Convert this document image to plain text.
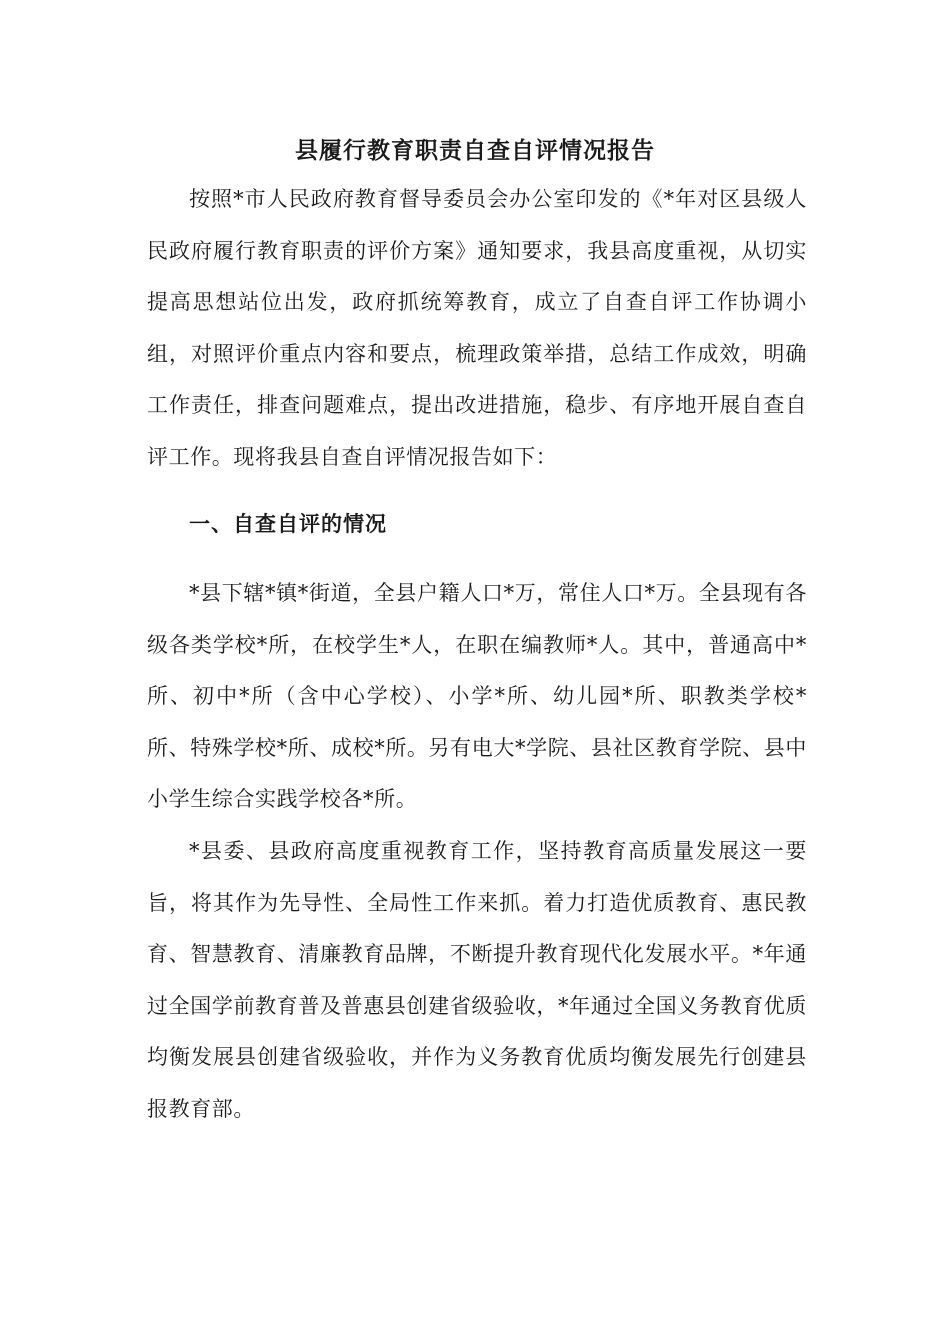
县履行教育职责自查自评情况报告

按照*市人民政府教育督导委员会办公室印发的《*年对区县级人民政府履行教育职责的评价方案》通知要求，我县高度重视，从切实提高思想站位出发，政府抓统筹教育，成立了自查自评工作协调小组，对照评价重点内容和要点，梳理政策举措，总结工作成效，明确工作责任，排查问题难点，提出改进措施，稳步、有序地开展自查自评工作。现将我县自查自评情况报告如下：

一、自查自评的情况

*县下辖*镇*街道，全县户籍人口*万，常住人口*万。全县现有各级各类学校*所，在校学生*人，在职在编教师*人。其中，普通高中*所、初中*所（含中心学校）、小学*所、幼儿园*所、职教类学校*所、特殊学校*所、成校*所。另有电大*学院、县社区教育学院、县中小学生综合实践学校各*所。

*县委、县政府高度重视教育工作，坚持教育高质量发展这一要旨，将其作为先导性、全局性工作来抓。着力打造优质教育、惠民教育、智慧教育、清廉教育品牌，不断提升教育现代化发展水平。*年通过全国学前教育普及普惠县创建省级验收，*年通过全国义务教育优质均衡发展县创建省级验收，并作为义务教育优质均衡发展先行创建县报教育部。
